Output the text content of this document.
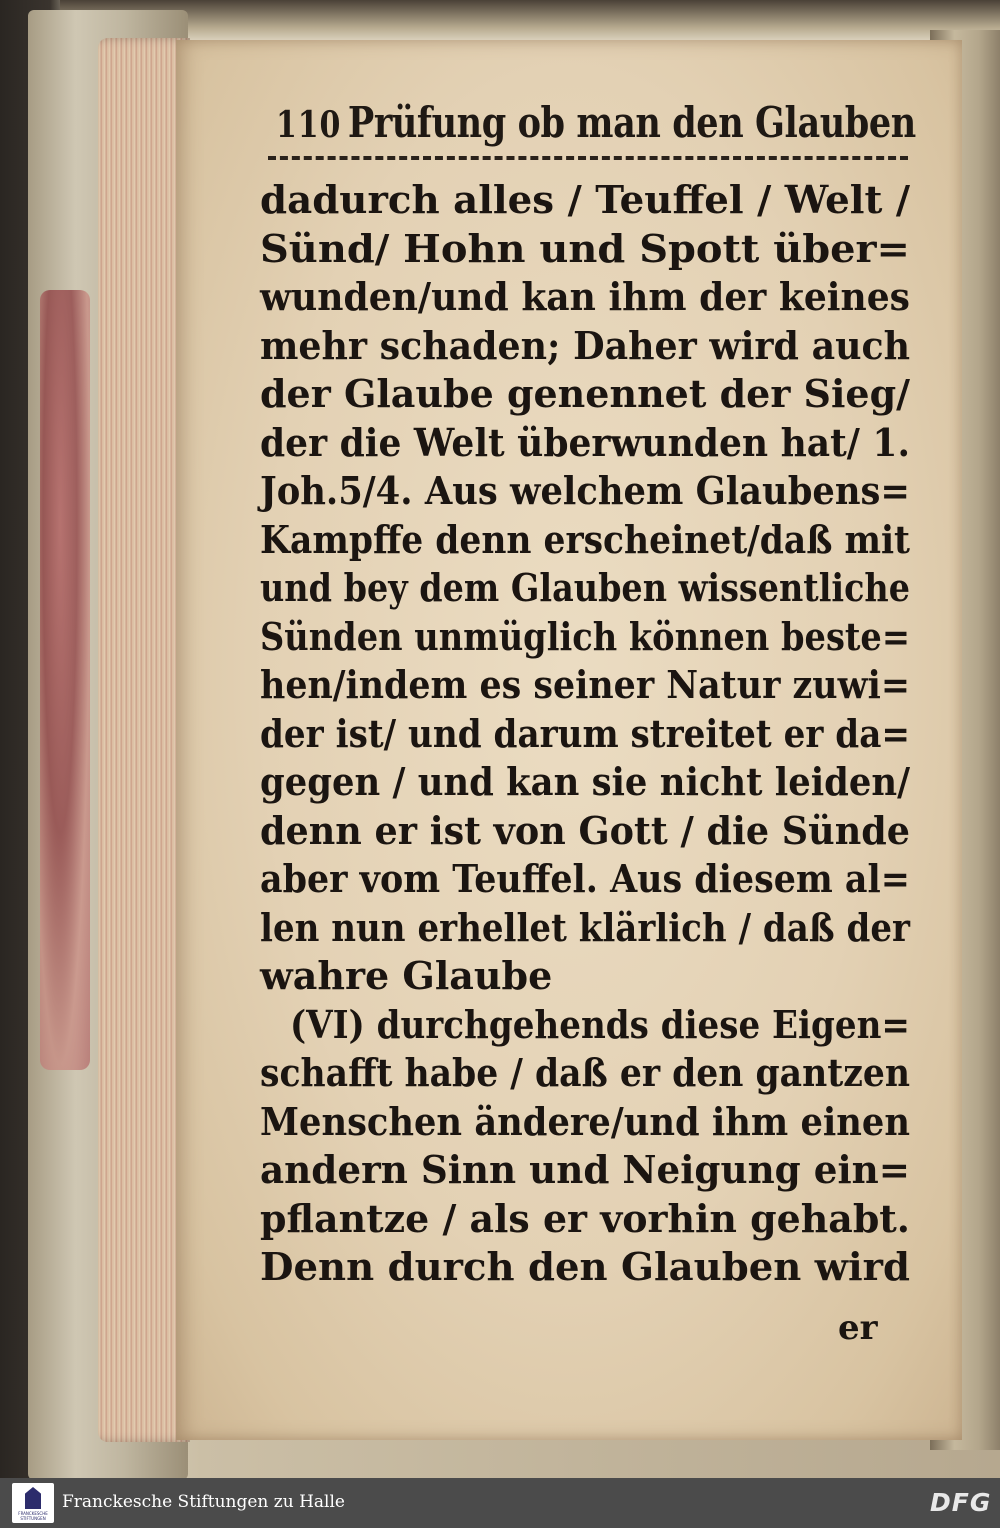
110 Prüfung ob man den Glauben
dadurch alles / Teuffel / Welt /
Sünd/ Hohn und Spott über=
wunden/und kan ihm der keines
mehr schaden; Daher wird auch
der Glaube genennet der Sieg/
der die Welt überwunden hat/ 1.
Joh.5/4. Aus welchem Glaubens=
Kampffe denn erscheinet/daß mit
und bey dem Glauben wissentliche
Sünden unmüglich können beste=
hen/indem es seiner Natur zuwi=
der ist/ und darum streitet er da=
gegen / und kan sie nicht leiden/
denn er ist von Gott / die Sünde
aber vom Teuffel. Aus diesem al=
len nun erhellet klärlich / daß der
wahre Glaube
(VI) durchgehends diese Eigen=
schafft habe / daß er den gantzen
Menschen ändere/und ihm einen
andern Sinn und Neigung ein=
pflantze / als er vorhin gehabt.
Denn durch den Glauben wird
er
FRANCKESCHE STIFTUNGEN
Franckesche Stiftungen zu Halle	DFG
